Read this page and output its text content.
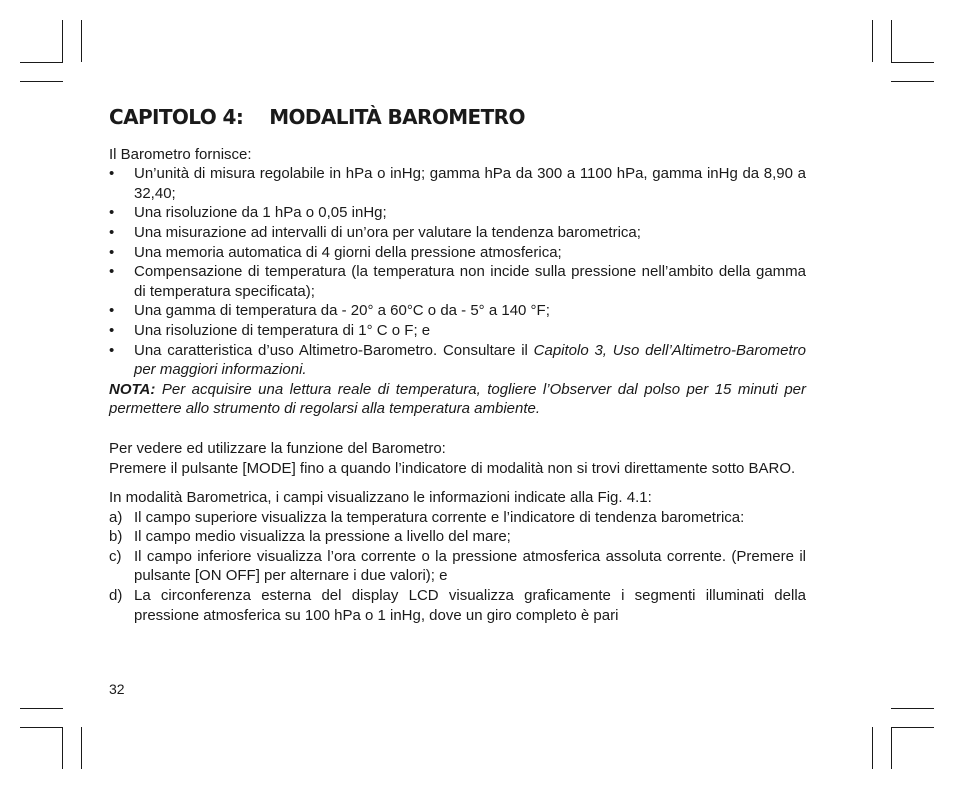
CAPITOLO 4: MODALITÀ BAROMETRO

Il Barometro fornisce:

• Un’unità di misura regolabile in hPa o inHg; gamma hPa da 300 a 1100 hPa, gamma inHg da 8,90 a 32,40;
• Una risoluzione da 1 hPa o 0,05 inHg;
• Una misurazione ad intervalli di un’ora per valutare la tendenza barometrica;
• Una memoria automatica di 4 giorni della pressione atmosferica;
• Compensazione di temperatura (la temperatura non incide sulla pressione nell’ambito della gamma di temperatura specificata);
• Una gamma di temperatura da - 20° a 60°C o da - 5° a 140 °F;
• Una risoluzione di temperatura di 1° C o F; e
• Una caratteristica d’uso Altimetro-Barometro. Consultare il Capitolo 3, Uso dell’Altimetro-Barometro per maggiori informazioni.

NOTA: Per acquisire una lettura reale di temperatura, togliere l’Observer dal polso per 15 minuti per permettere allo strumento di regolarsi alla temperatura ambiente.

Per vedere ed utilizzare la funzione del Barometro:

Premere il pulsante [MODE] fino a quando l’indicatore di modalità non si trovi direttamente sotto BARO.

In modalità Barometrica, i campi visualizzano le informazioni indicate alla Fig. 4.1:

a) Il campo superiore visualizza la temperatura corrente e l’indicatore di tendenza barometrica:
b) Il campo medio visualizza la pressione a livello del mare;
c) Il campo inferiore visualizza l’ora corrente o la pressione atmosferica assoluta corrente. (Premere il pulsante [ON OFF] per alternare i due valori); e
d) La circonferenza esterna del display LCD visualizza graficamente i segmenti illuminati della pressione atmosferica su 100 hPa o 1 inHg, dove un giro completo è pari
32
